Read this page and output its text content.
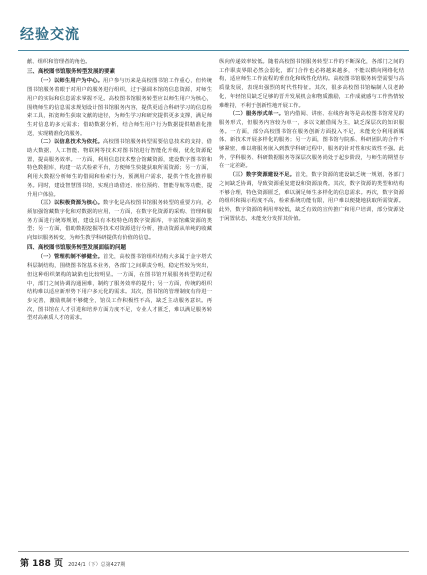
经验交流

献、组织和管理者的角色。

三、高校图书馆服务转型发展的要素

（一）以师生用户为中心。用户参与历来是高校图书馆工作重心，但传统图书馆服务着眼于对用户的服务进行组织，过于强调本馆的信息资源，对师生用户的实际和信息需求掌握不足。高校图书馆服务转型应以师生用户为核心，围绕师生的信息需求规划设计图书馆服务内容，提供更适合科研学习的信息检索工具，拓宽师生获取文献的途径，为师生学习和研究提供更多支撑，满足师生对信息的多元需求；借助数据分析，结合师生用户行为数据提供精准化推送，实现精准化的服务。

（二）以信息技术为依托。高校图书馆服务转型需要信息技术的支持，借助大数据、人工智能、物联网等技术对图书馆进行智能化升级，优化资源配置，提高服务效率。一方面，利用信息技术整合馆藏资源，建设数字图书馆和特色数据库，构建一站式检索平台，方便师生快捷获取所需资源；另一方面，利用大数据分析师生的借阅和检索行为，预测用户需求，提供个性化推荐服务。同时，建设智慧图书馆，实现自助借还、座位预约、智能导航等功能，提升用户体验。

（三）以积极资源为核心。数字化是高校图书馆服务转型的重要方向，必须加强馆藏数字化和对数据的应用，一方面，在数字化资源的采购、管理和服务方面进行统筹规划，建设具有本校特色的数字资源库，丰富馆藏资源的类型；另一方面，借助数据挖掘等技术对资源进行分析，推动资源从单纯的收藏向知识服务转变，为师生教学科研提供有价值的信息。

四、高校图书馆服务转型发展面临的问题

（一）管理机制不够健全。首先，高校图书馆组织结构大多属于金字塔式科层制结构，围绕图书馆基本业务，各部门之间职责分明，稳定性较为突出，但这种组织架构的缺陷也比较明显。一方面，在图书馆开展服务转型的过程中，部门之间协调沟通困难，制约了服务效率的提升；另一方面，传统的组织结构难以适应新形势下用户多元化的需求。其次，图书馆的管理制度有待进一步完善，激励机制不够健全，馆员工作积极性不高，缺乏主动服务意识。再次，图书馆在人才引进和培养方面力度不足，专业人才匮乏，难以满足服务转型对高素质人才的需求。

纵向传递效率较低。随着高校图书馆服务转型工作的不断深化，各部门之间的工作职责界限必然会弱化，部门合作也必将越来越多，不能以横向网络化结构，适应师生工作流程的垂直化和线性化结构。高校图书馆服务转型需要与高质量发展，表现出强烈的时代性特征。其次，很多高校图书馆编制人员老龄化，年轻馆员缺乏足够的晋升发展机会和物质激励，工作成就感与工作热情较难维持，不利于创新性地开展工作。

（二）服务形式单一。馆内借阅、讲座、在线咨询等是高校图书馆常见的服务形式，但服务内容较为单一，多以文献借阅为主，缺乏深层次的知识服务。一方面，部分高校图书馆在服务创新方面投入不足，未能充分利用新媒体、新技术开展多样化的服务；另一方面，图书馆与院系、科研团队的合作不够紧密，难以将服务嵌入到教学科研过程中，服务的针对性和实效性不强。此外，学科服务、科研数据服务等深层次服务尚处于起步阶段，与师生的期望存在一定差距。

（三）数字资源建设不足。首先，数字资源的建设缺乏统一规划，各部门之间缺乏协调，导致资源重复建设和资源浪费。其次，数字资源的类型和结构不够合理，特色资源匮乏，难以满足师生多样化的信息需求。再次，数字资源的组织和揭示程度不高，检索系统功能有限，用户难以便捷地获取所需资源。此外，数字资源的利用率较低，缺乏有效的宣传推广和用户培训，部分资源处于闲置状态，未能充分发挥其价值。

第 188 页 2024/1（下）总第427期
